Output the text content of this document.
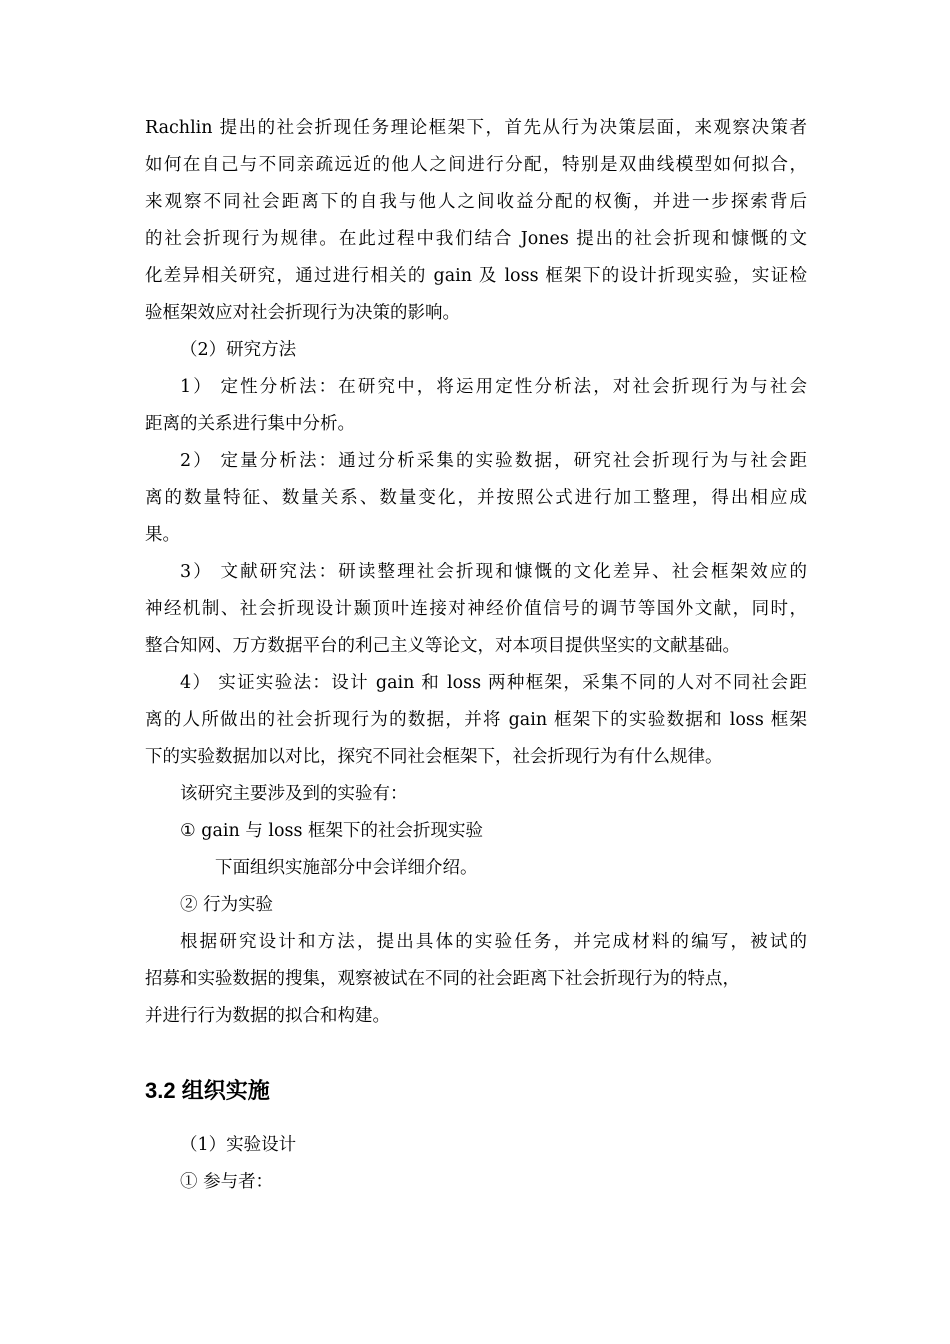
Rachlin 提出的社会折现任务理论框架下，首先从行为决策层面，来观察决策者
如何在自己与不同亲疏远近的他人之间进行分配，特别是双曲线模型如何拟合，
来观察不同社会距离下的自我与他人之间收益分配的权衡，并进一步探索背后
的社会折现行为规律。在此过程中我们结合 Jones 提出的社会折现和慷慨的文
化差异相关研究，通过进行相关的 gain 及 loss 框架下的设计折现实验，实证检
验框架效应对社会折现行为决策的影响。
（2）研究方法
1） 定性分析法：在研究中，将运用定性分析法，对社会折现行为与社会
距离的关系进行集中分析。
2） 定量分析法：通过分析采集的实验数据，研究社会折现行为与社会距
离的数量特征、数量关系、数量变化，并按照公式进行加工整理，得出相应成
果。
3） 文献研究法：研读整理社会折现和慷慨的文化差异、社会框架效应的
神经机制、社会折现设计颞顶叶连接对神经价值信号的调节等国外文献，同时，
整合知网、万方数据平台的利己主义等论文，对本项目提供坚实的文献基础。
4） 实证实验法：设计 gain 和 loss 两种框架，采集不同的人对不同社会距
离的人所做出的社会折现行为的数据，并将 gain 框架下的实验数据和 loss 框架
下的实验数据加以对比，探究不同社会框架下，社会折现行为有什么规律。
该研究主要涉及到的实验有：
① gain 与 loss 框架下的社会折现实验
下面组织实施部分中会详细介绍。
② 行为实验
根据研究设计和方法，提出具体的实验任务，并完成材料的编写，被试的
招募和实验数据的搜集，观察被试在不同的社会距离下社会折现行为的特点，
并进行行为数据的拟合和构建。
3.2 组织实施
（1）实验设计
① 参与者：
